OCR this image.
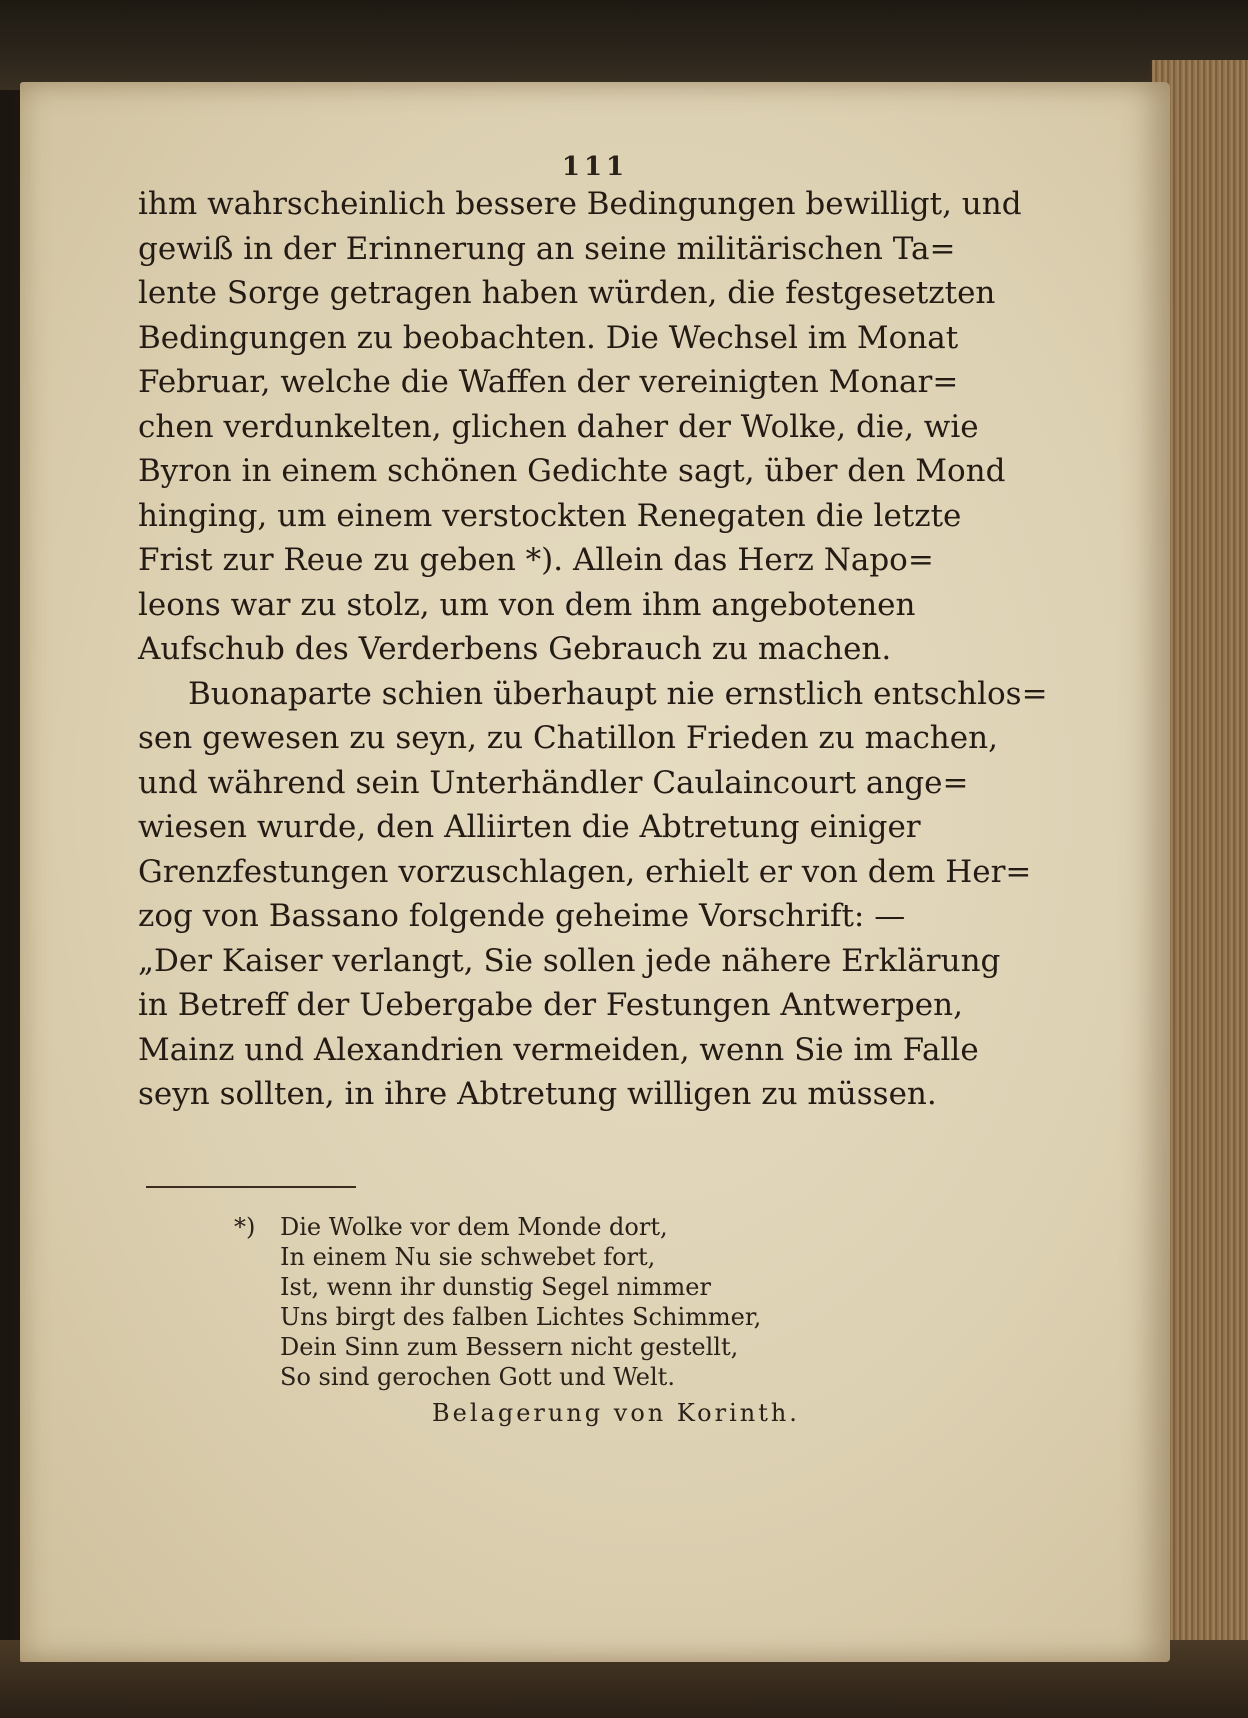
111
ihm wahrscheinlich bessere Bedingungen bewilligt, und
gewiß in der Erinnerung an seine militärischen Ta=
lente Sorge getragen haben würden, die festgesetzten
Bedingungen zu beobachten. Die Wechsel im Monat
Februar, welche die Waffen der vereinigten Monar=
chen verdunkelten, glichen daher der Wolke, die, wie
Byron in einem schönen Gedichte sagt, über den Mond
hinging, um einem verstockten Renegaten die letzte
Frist zur Reue zu geben *). Allein das Herz Napo=
leons war zu stolz, um von dem ihm angebotenen
Aufschub des Verderbens Gebrauch zu machen.
Buonaparte schien überhaupt nie ernstlich entschlos=
sen gewesen zu seyn, zu Chatillon Frieden zu machen,
und während sein Unterhändler Caulaincourt ange=
wiesen wurde, den Alliirten die Abtretung einiger
Grenzfestungen vorzuschlagen, erhielt er von dem Her=
zog von Bassano folgende geheime Vorschrift: —
„Der Kaiser verlangt, Sie sollen jede nähere Erklärung
in Betreff der Uebergabe der Festungen Antwerpen,
Mainz und Alexandrien vermeiden, wenn Sie im Falle
seyn sollten, in ihre Abtretung willigen zu müssen.
*) Die Wolke vor dem Monde dort,
In einem Nu sie schwebet fort,
Ist, wenn ihr dunstig Segel nimmer
Uns birgt des falben Lichtes Schimmer,
Dein Sinn zum Bessern nicht gestellt,
So sind gerochen Gott und Welt.
Belagerung von Korinth.
